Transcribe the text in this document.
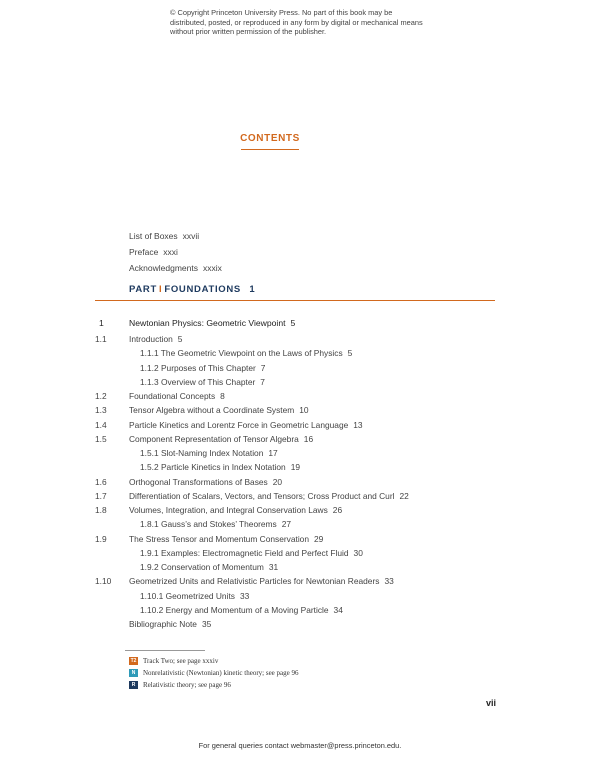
© Copyright Princeton University Press. No part of this book may be distributed, posted, or reproduced in any form by digital or mechanical means without prior written permission of the publisher.
CONTENTS
List of Boxes xxvii
Preface xxxi
Acknowledgments xxxix
PART I FOUNDATIONS 1
1	Newtonian Physics: Geometric Viewpoint 5
1.1	Introduction 5
1.1.1 The Geometric Viewpoint on the Laws of Physics 5
1.1.2 Purposes of This Chapter 7
1.1.3 Overview of This Chapter 7
1.2	Foundational Concepts 8
1.3	Tensor Algebra without a Coordinate System 10
1.4	Particle Kinetics and Lorentz Force in Geometric Language 13
1.5	Component Representation of Tensor Algebra 16
1.5.1 Slot-Naming Index Notation 17
1.5.2 Particle Kinetics in Index Notation 19
1.6	Orthogonal Transformations of Bases 20
1.7	Differentiation of Scalars, Vectors, and Tensors; Cross Product and Curl 22
1.8	Volumes, Integration, and Integral Conservation Laws 26
1.8.1 Gauss’s and Stokes’ Theorems 27
1.9	The Stress Tensor and Momentum Conservation 29
1.9.1 Examples: Electromagnetic Field and Perfect Fluid 30
1.9.2 Conservation of Momentum 31
1.10 Geometrized Units and Relativistic Particles for Newtonian Readers 33
1.10.1 Geometrized Units 33
1.10.2 Energy and Momentum of a Moving Particle 34
Bibliographic Note 35
T2 Track Two; see page xxxiv
N	Nonrelativistic (Newtonian) kinetic theory; see page 96
R	Relativistic theory; see page 96
vii
For general queries contact webmaster@press.princeton.edu.
